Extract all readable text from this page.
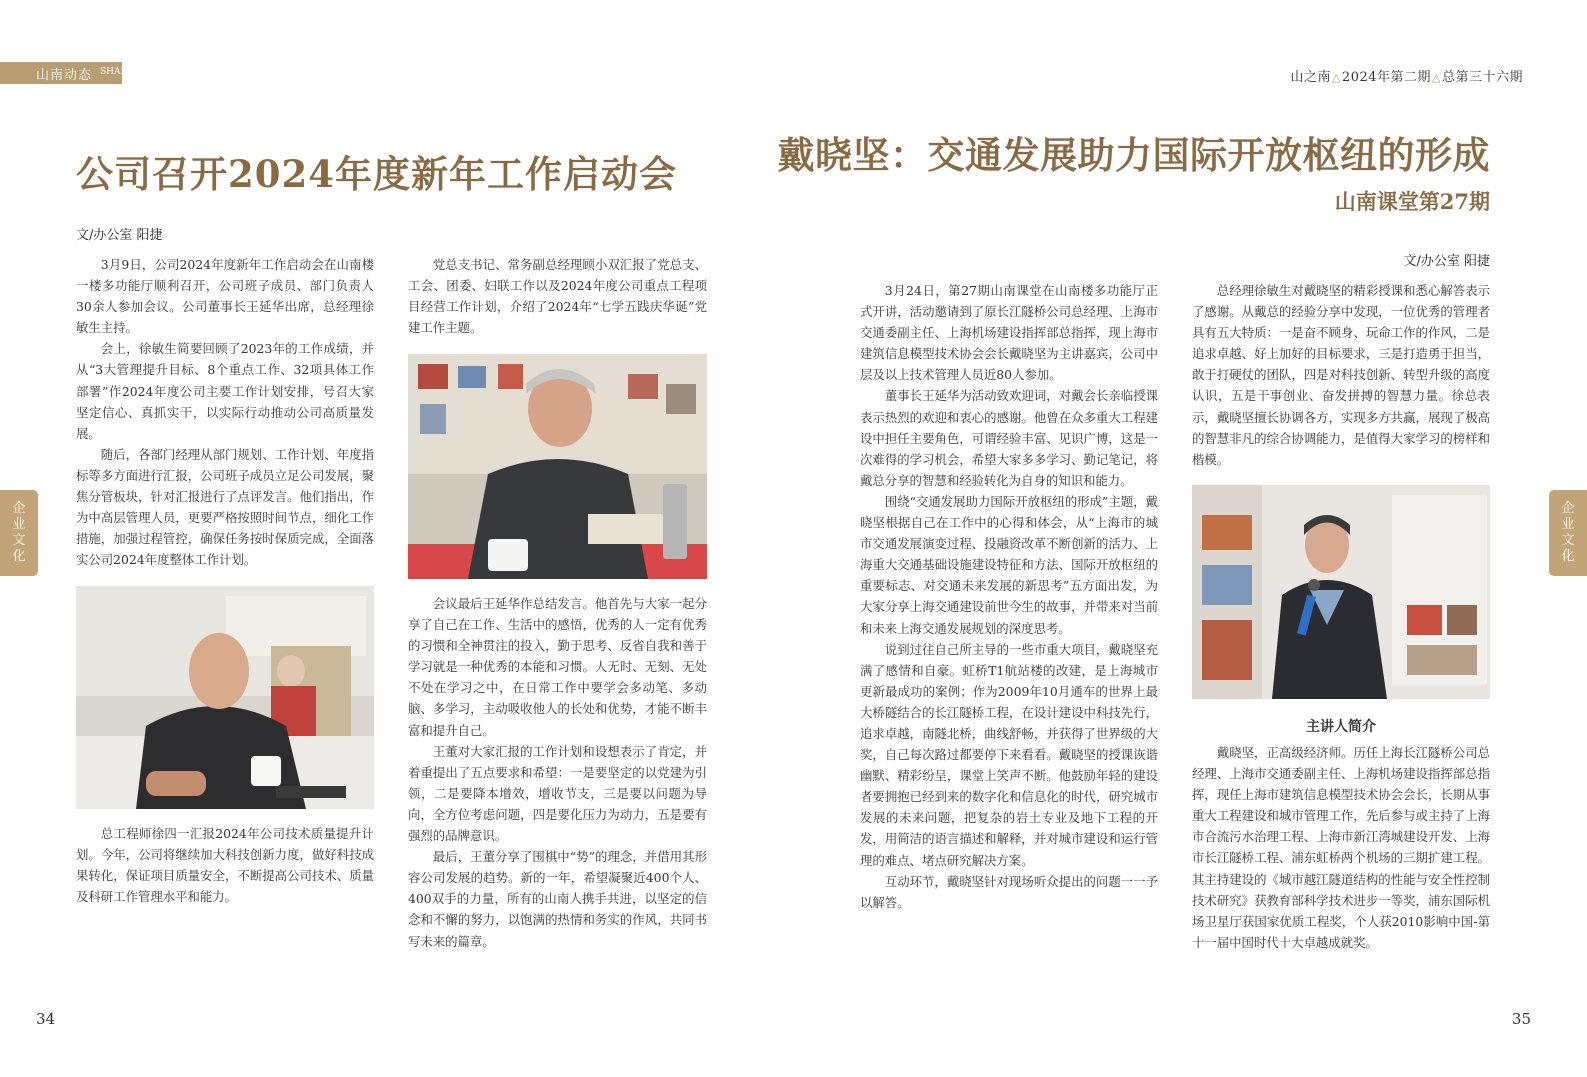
山南动态 SHANNAN NEWS	山之南△2024年第二期△总第三十六期
公司召开2024年度新年工作启动会
文/办公室 阳捷

3月9日，公司2024年度新年工作启动会在山南楼一楼多功能厅顺利召开，公司班子成员、部门负责人30余人参加会议。公司董事长王延华出席，总经理徐敏生主持。

会上，徐敏生简要回顾了2023年的工作成绩，并从“3大管理提升目标、8个重点工作、32项具体工作部署”作2024年度公司主要工作计划安排，号召大家坚定信心、真抓实干，以实际行动推动公司高质量发展。

随后，各部门经理从部门规划、工作计划、年度指标等多方面进行汇报，公司班子成员立足公司发展，聚焦分管板块，针对汇报进行了点评发言。他们指出，作为中高层管理人员，更要严格按照时间节点，细化工作措施，加强过程管控，确保任务按时保质完成，全面落实公司2024年度整体工作计划。

总工程师徐四一汇报2024年公司技术质量提升计划。今年，公司将继续加大科技创新力度，做好科技成果转化，保证项目质量安全，不断提高公司技术、质量及科研工作管理水平和能力。

党总支书记、常务副总经理顾小双汇报了党总支、工会、团委、妇联工作以及2024年度公司重点工程项目经营工作计划，介绍了2024年“七学五践庆华诞”党建工作主题。

会议最后王延华作总结发言。他首先与大家一起分享了自己在工作、生活中的感悟，优秀的人一定有优秀的习惯和全神贯注的投入，勤于思考、反省自我和善于学习就是一种优秀的本能和习惯。人无时、无刻、无处不处在学习之中，在日常工作中要学会多动笔、多动脑、多学习，主动吸收他人的长处和优势，才能不断丰富和提升自己。

王董对大家汇报的工作计划和设想表示了肯定，并着重提出了五点要求和希望：一是要坚定的以党建为引领，二是要降本增效，增收节支，三是要以问题为导向，全方位考虑问题，四是要化压力为动力，五是要有强烈的品牌意识。

最后，王董分享了围棋中“势”的理念，并借用其形容公司发展的趋势。新的一年，希望凝聚近400个人、400双手的力量，所有的山南人携手共进，以坚定的信念和不懈的努力，以饱满的热情和务实的作风，共同书写未来的篇章。

企业文化
企业文化
戴晓坚：交通发展助力国际开放枢纽的形成
山南课堂第27期
文/办公室 阳捷

3月24日，第27期山南课堂在山南楼多功能厅正式开讲，活动邀请到了原长江隧桥公司总经理、上海市交通委副主任、上海机场建设指挥部总指挥，现上海市建筑信息模型技术协会会长戴晓坚为主讲嘉宾，公司中层及以上技术管理人员近80人参加。

董事长王延华为活动致欢迎词，对戴会长亲临授课表示热烈的欢迎和衷心的感谢。他曾在众多重大工程建设中担任主要角色，可谓经验丰富、见识广博，这是一次难得的学习机会，希望大家多多学习、勤记笔记，将戴总分享的智慧和经验转化为自身的知识和能力。

围绕“交通发展助力国际开放枢纽的形成”主题，戴晓坚根据自己在工作中的心得和体会，从“上海市的城市交通发展演变过程、投融资改革不断创新的活力、上海重大交通基础设施建设特征和方法、国际开放枢纽的重要标志、对交通未来发展的新思考”五方面出发，为大家分享上海交通建设前世今生的故事，并带来对当前和未来上海交通发展规划的深度思考。

说到过往自己所主导的一些市重大项目，戴晓坚充满了感情和自豪。虹桥T1航站楼的改建，是上海城市更新最成功的案例；作为2009年10月通车的世界上最大桥隧结合的长江隧桥工程，在设计建设中科技先行，追求卓越，南隧北桥，曲线舒畅，并获得了世界级的大奖，自己每次路过都要停下来看看。戴晓坚的授课诙谐幽默、精彩纷呈，课堂上笑声不断。他鼓励年轻的建设者要拥抱已经到来的数字化和信息化的时代，研究城市发展的未来问题，把复杂的岩土专业及地下工程的开发，用简洁的语言描述和解释，并对城市建设和运行管理的难点、堵点研究解决方案。

互动环节，戴晓坚针对现场听众提出的问题一一予以解答。

总经理徐敏生对戴晓坚的精彩授课和悉心解答表示了感谢。从戴总的经验分享中发现，一位优秀的管理者具有五大特质：一是奋不顾身、玩命工作的作风，二是追求卓越、好上加好的目标要求，三是打造勇于担当，敢于打硬仗的团队，四是对科技创新、转型升级的高度认识，五是干事创业、奋发拼搏的智慧力量。徐总表示，戴晓坚擅长协调各方，实现多方共赢，展现了极高的智慧非凡的综合协调能力，是值得大家学习的榜样和楷模。

主讲人简介

戴晓坚，正高级经济师。历任上海长江隧桥公司总经理、上海市交通委副主任、上海机场建设指挥部总指挥，现任上海市建筑信息模型技术协会会长，长期从事重大工程建设和城市管理工作，先后参与或主持了上海市合流污水治理工程、上海市新江湾城建设开发、上海市长江隧桥工程、浦东虹桥两个机场的三期扩建工程。其主持建设的《城市越江隧道结构的性能与安全性控制技术研究》获教育部科学技术进步一等奖，浦东国际机场卫星厅获国家优质工程奖，个人获2010影响中国-第十一届中国时代十大卓越成就奖。

34	35
